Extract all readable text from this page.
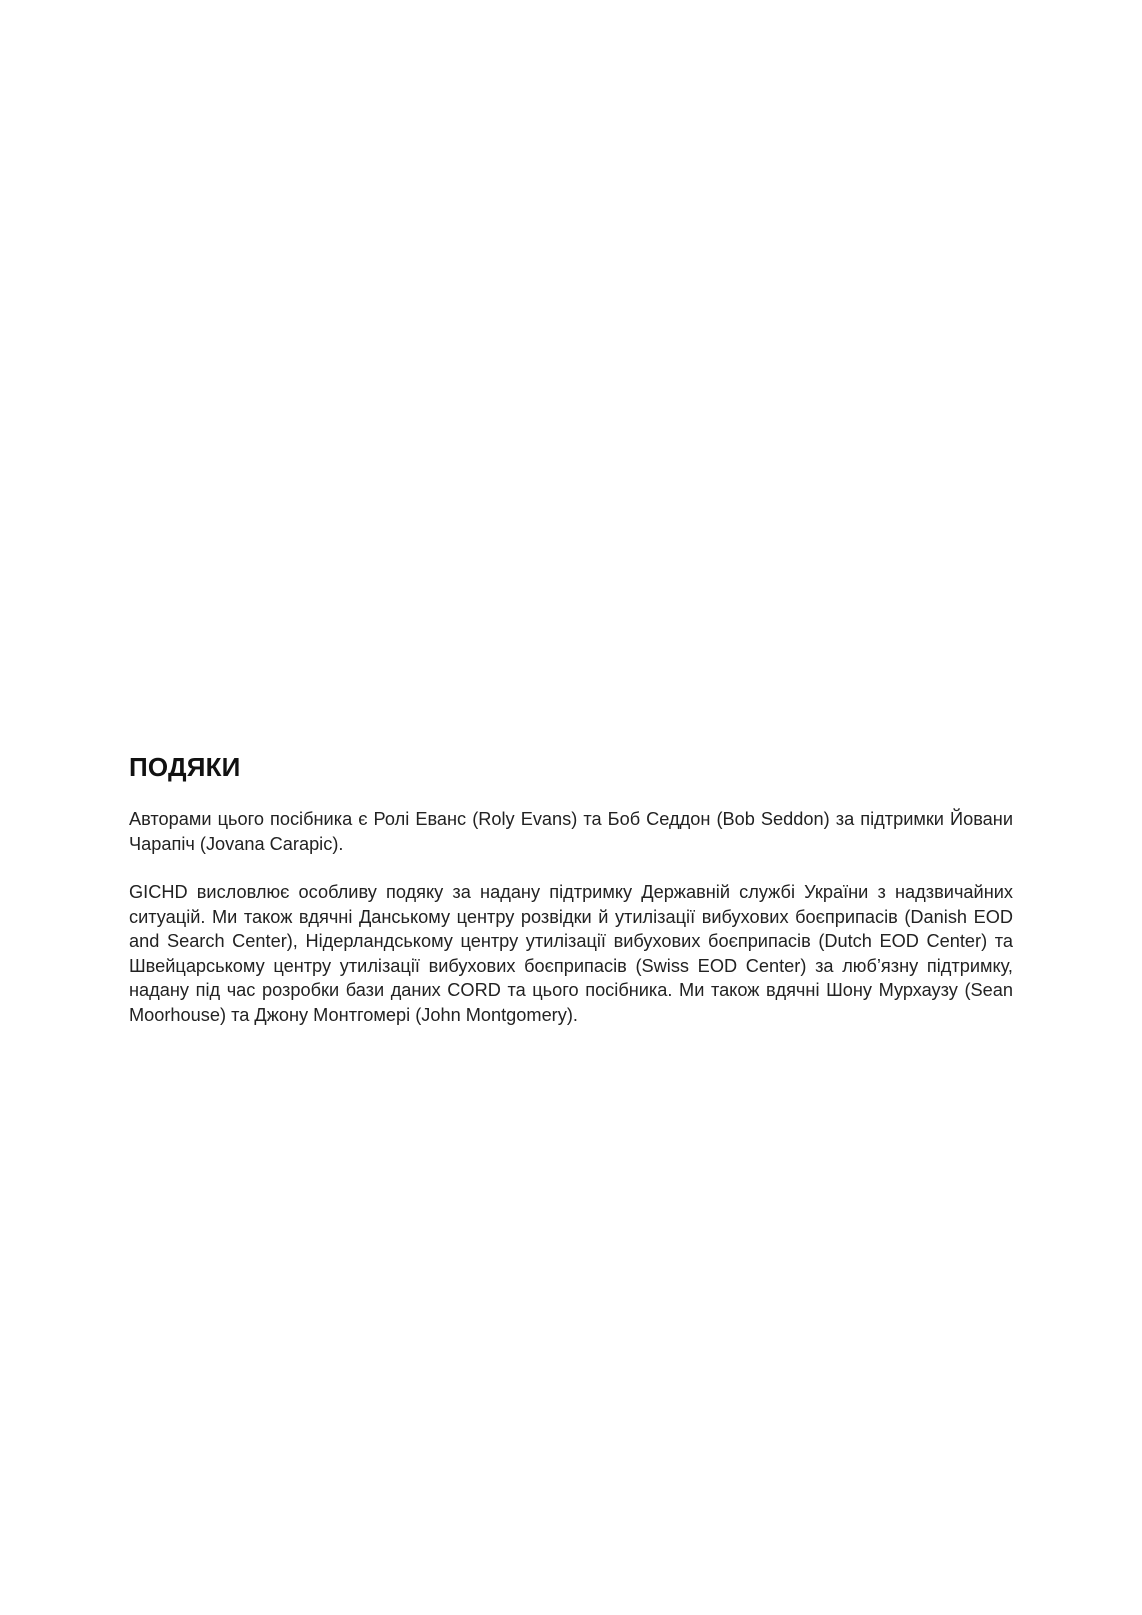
ПОДЯКИ

Авторами цього посібника є Ролі Еванс (Roly Evans) та Боб Седдон (Bob Seddon) за підтримки Йовани Чарапіч (Jovana Carapic).

GICHD висловлює особливу подяку за надану підтримку Державній службі України з надзвичайних ситуацій. Ми також вдячні Данському центру розвідки й утилізації вибухових боєприпасів (Danish EOD and Search Center), Нідерландському центру утилізації вибухових боєприпасів (Dutch EOD Center) та Швейцарському центру утилізації вибухових боєприпасів (Swiss EOD Center) за люб’язну підтримку, надану під час розробки бази даних CORD та цього посібника. Ми також вдячні Шону Мурхаузу (Sean Moorhouse) та Джону Монтгомері (John Montgomery).
